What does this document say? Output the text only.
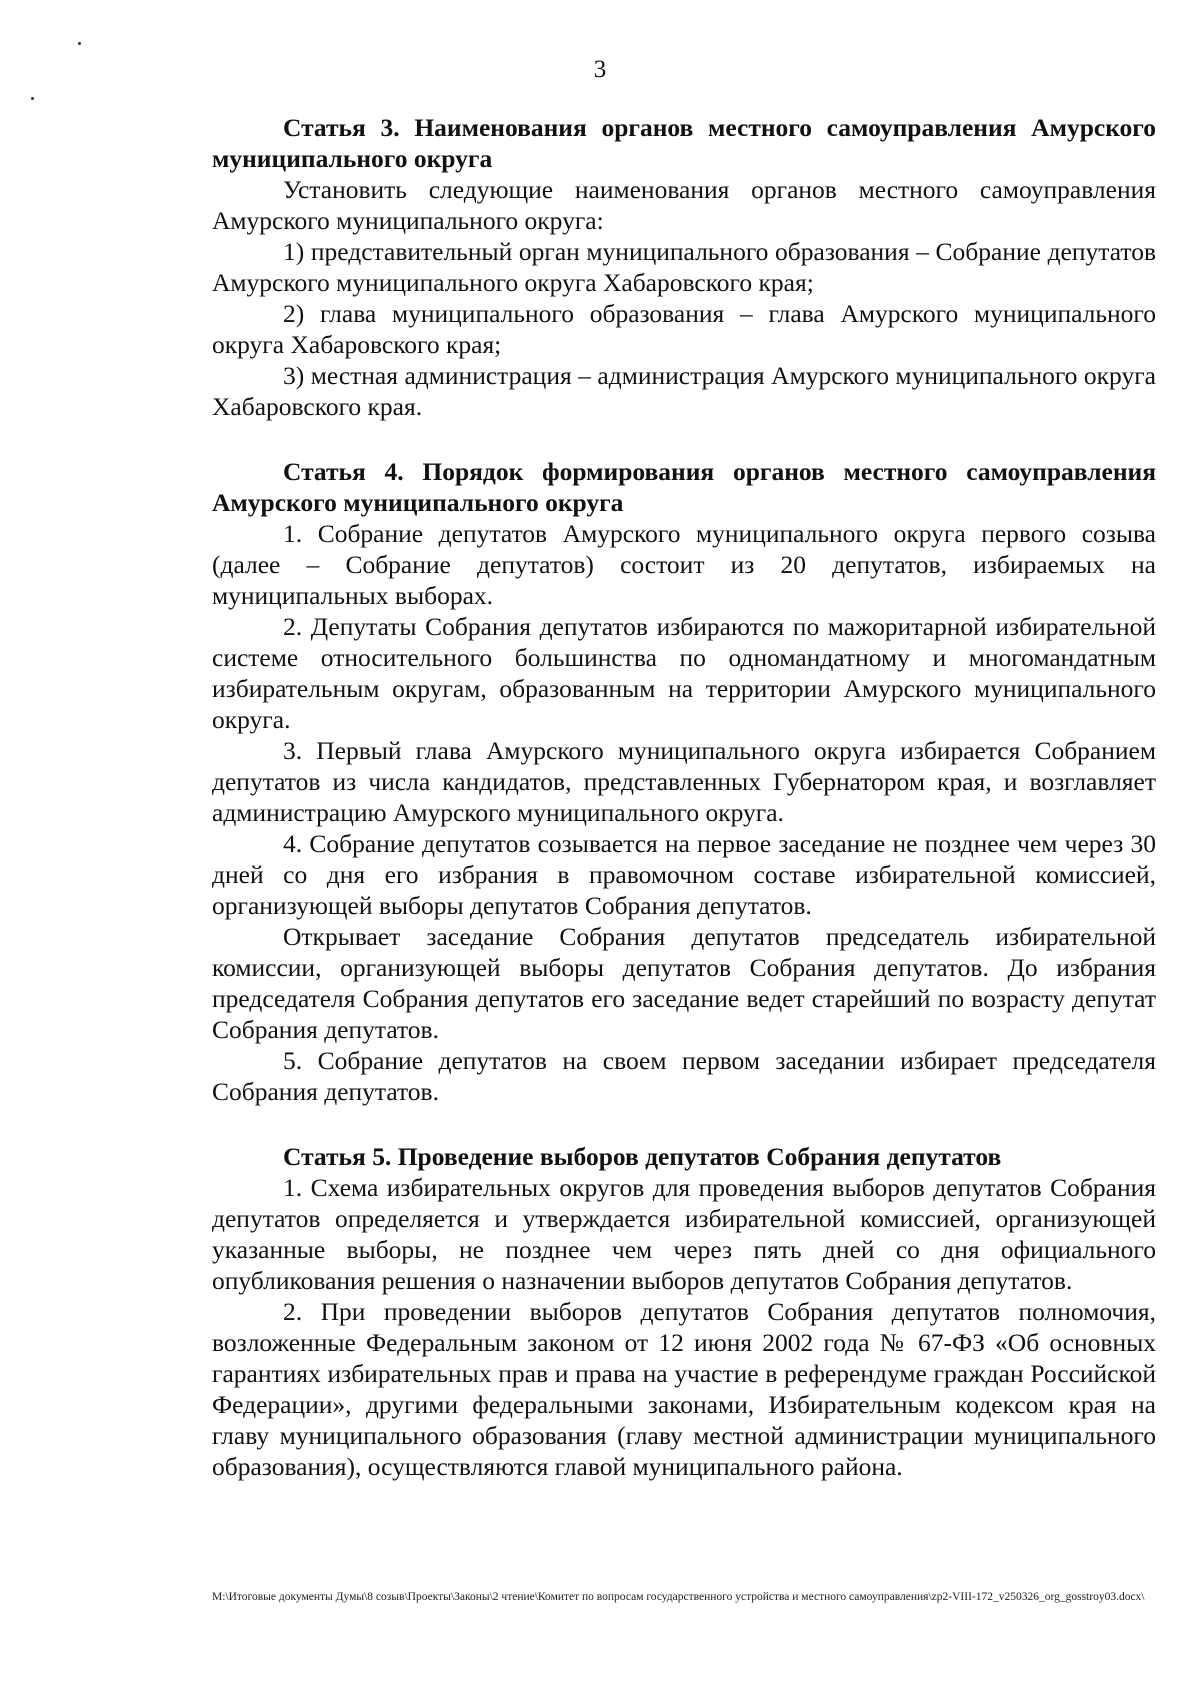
3

Статья 3. Наименования органов местного самоуправления Амурского муниципального округа

Установить следующие наименования органов местного самоуправления Амурского муниципального округа:

1) представительный орган муниципального образования – Собрание депутатов Амурского муниципального округа Хабаровского края;

2) глава муниципального образования – глава Амурского муниципального округа Хабаровского края;

3) местная администрация – администрация Амурского муниципального округа Хабаровского края.

Статья 4. Порядок формирования органов местного самоуправления Амурского муниципального округа

1. Собрание депутатов Амурского муниципального округа первого созыва (далее – Собрание депутатов) состоит из 20 депутатов, избираемых на муниципальных выборах.

2. Депутаты Собрания депутатов избираются по мажоритарной избирательной системе относительного большинства по одномандатному и многомандатным избирательным округам, образованным на территории Амурского муниципального округа.

3. Первый глава Амурского муниципального округа избирается Собранием депутатов из числа кандидатов, представленных Губернатором края, и возглавляет администрацию Амурского муниципального округа.

4. Собрание депутатов созывается на первое заседание не позднее чем через 30 дней со дня его избрания в правомочном составе избирательной комиссией, организующей выборы депутатов Собрания депутатов.

Открывает заседание Собрания депутатов председатель избирательной комиссии, организующей выборы депутатов Собрания депутатов. До избрания председателя Собрания депутатов его заседание ведет старейший по возрасту депутат Собрания депутатов.

5. Собрание депутатов на своем первом заседании избирает председателя Собрания депутатов.

Статья 5. Проведение выборов депутатов Собрания депутатов

1. Схема избирательных округов для проведения выборов депутатов Собрания депутатов определяется и утверждается избирательной комиссией, организующей указанные выборы, не позднее чем через пять дней со дня официального опубликования решения о назначении выборов депутатов Собрания депутатов.

2. При проведении выборов депутатов Собрания депутатов полномочия, возложенные Федеральным законом от 12 июня 2002 года № 67-ФЗ «Об основных гарантиях избирательных прав и права на участие в референдуме граждан Российской Федерации», другими федеральными законами, Избирательным кодексом края на главу муниципального образования (главу местной администрации муниципального образования), осуществляются главой муниципального района.

M:\Итоговые документы Думы\8 созыв\Проекты\Законы\2 чтение\Комитет по вопросам государственного устройства и местного самоуправления\zp2-VIII-172_v250326_org_gosstroy03.docx\
